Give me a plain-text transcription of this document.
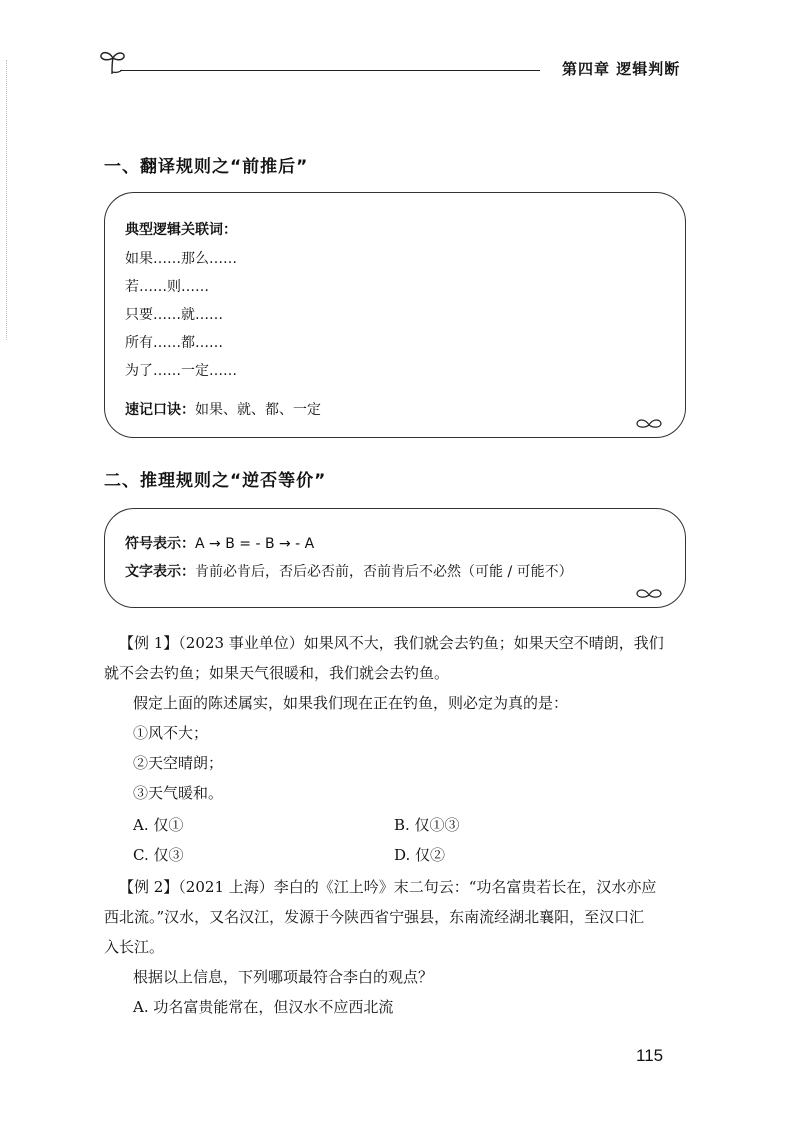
第四章 逻辑判断
一、翻译规则之“前推后”
典型逻辑关联词：
如果……那么……
若……则……
只要……就……
所有……都……
为了……一定……
速记口诀：如果、就、都、一定
二、推理规则之“逆否等价”
符号表示：A → B = - B → - A
文字表示：肯前必肯后，否后必否前，否前肯后不必然（可能 / 可能不）
【例 1】（2023 事业单位）如果风不大，我们就会去钓鱼；如果天空不晴朗，我们
就不会去钓鱼；如果天气很暖和，我们就会去钓鱼。
假定上面的陈述属实，如果我们现在正在钓鱼，则必定为真的是：
①风不大；
②天空晴朗；
③天气暖和。
A. 仅①	B. 仅①③
C. 仅③	D. 仅②
【例 2】（2021 上海）李白的《江上吟》末二句云：“功名富贵若长在，汉水亦应
西北流。”汉水，又名汉江，发源于今陕西省宁强县，东南流经湖北襄阳，至汉口汇
入长江。
根据以上信息，下列哪项最符合李白的观点？
A. 功名富贵能常在，但汉水不应西北流
115
